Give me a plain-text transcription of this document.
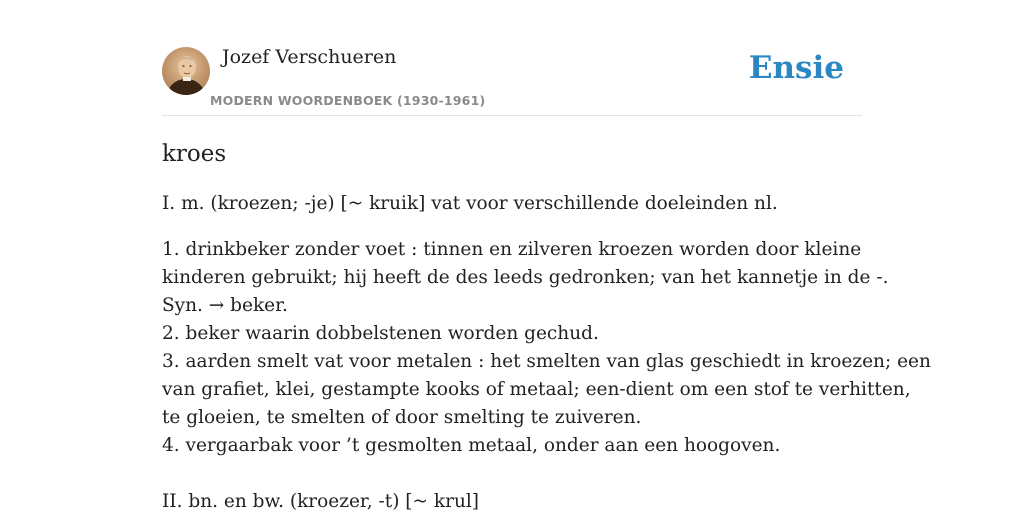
Jozef Verschueren
MODERN WOORDENBOEK (1930-1961)
Ensie
kroes

I. m. (kroezen; -je) [~ kruik] vat voor verschillende doeleinden nl.

1. drinkbeker zonder voet : tinnen en zilveren kroezen worden door kleine

kinderen gebruikt; hij heeft de des leeds gedronken; van het kannetje in de -.

Syn. → beker.

2. beker waarin dobbelstenen worden gechud.

3. aarden smelt vat voor metalen : het smelten van glas geschiedt in kroezen; een

van grafiet, klei, gestampte kooks of metaal; een-dient om een stof te verhitten,

te gloeien, te smelten of door smelting te zuiveren.

4. vergaarbak voor ’t gesmolten metaal, onder aan een hoogoven.

II. bn. en bw. (kroezer, -t) [~ krul]
